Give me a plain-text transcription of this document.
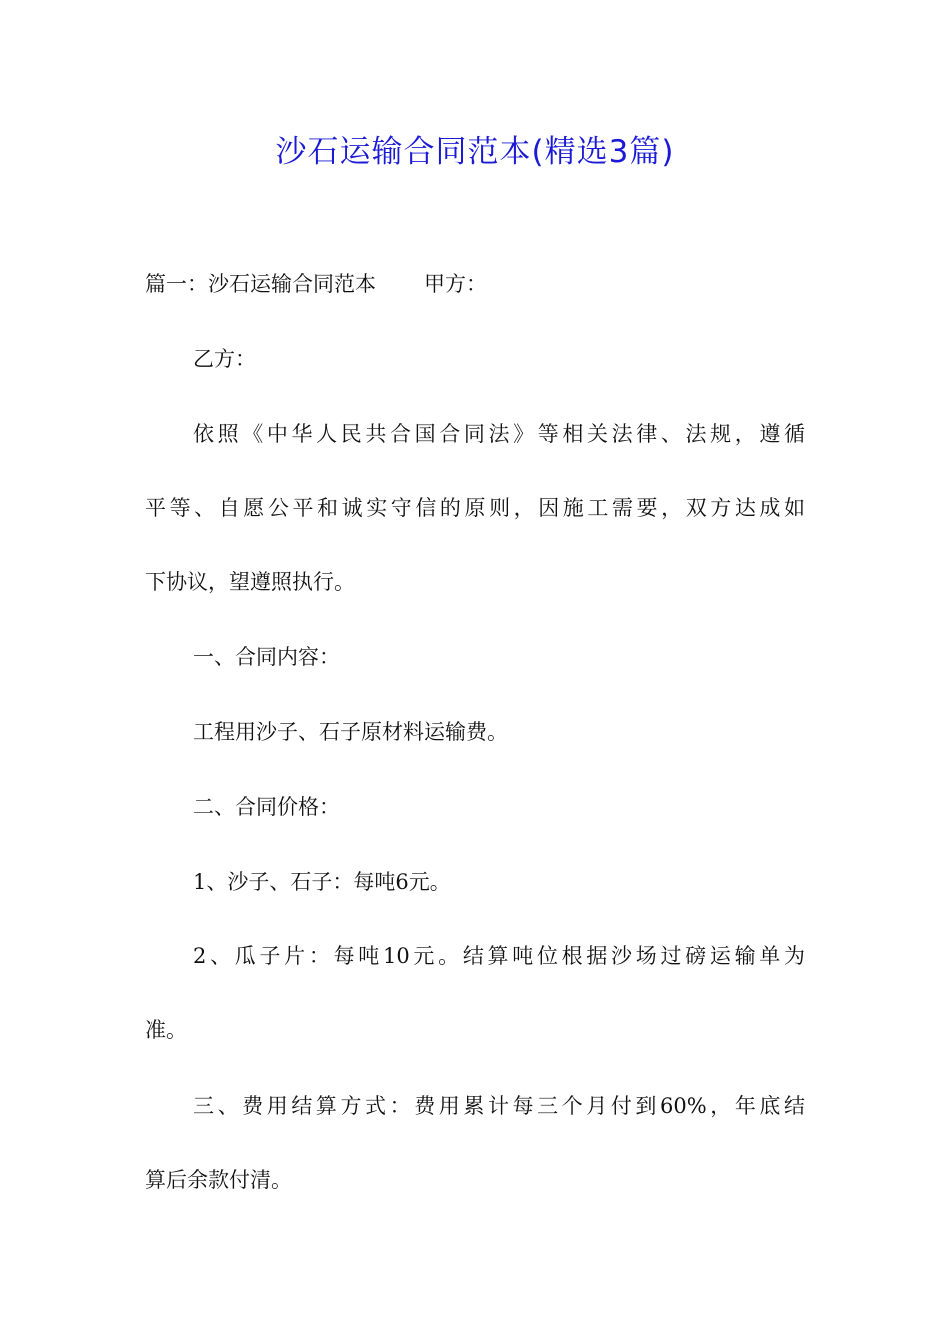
沙石运输合同范本(精选3篇)
篇一：沙石运输合同范本 甲方：
乙方：
依照《中华人民共合国合同法》等相关法律、法规，遵循
平等、自愿公平和诚实守信的原则，因施工需要，双方达成如
下协议，望遵照执行。
一、合同内容：
工程用沙子、石子原材料运输费。
二、合同价格：
1、沙子、石子：每吨6元。
2、瓜子片：每吨10元。结算吨位根据沙场过磅运输单为
准。
三、费用结算方式：费用累计每三个月付到60%，年底结
算后余款付清。
